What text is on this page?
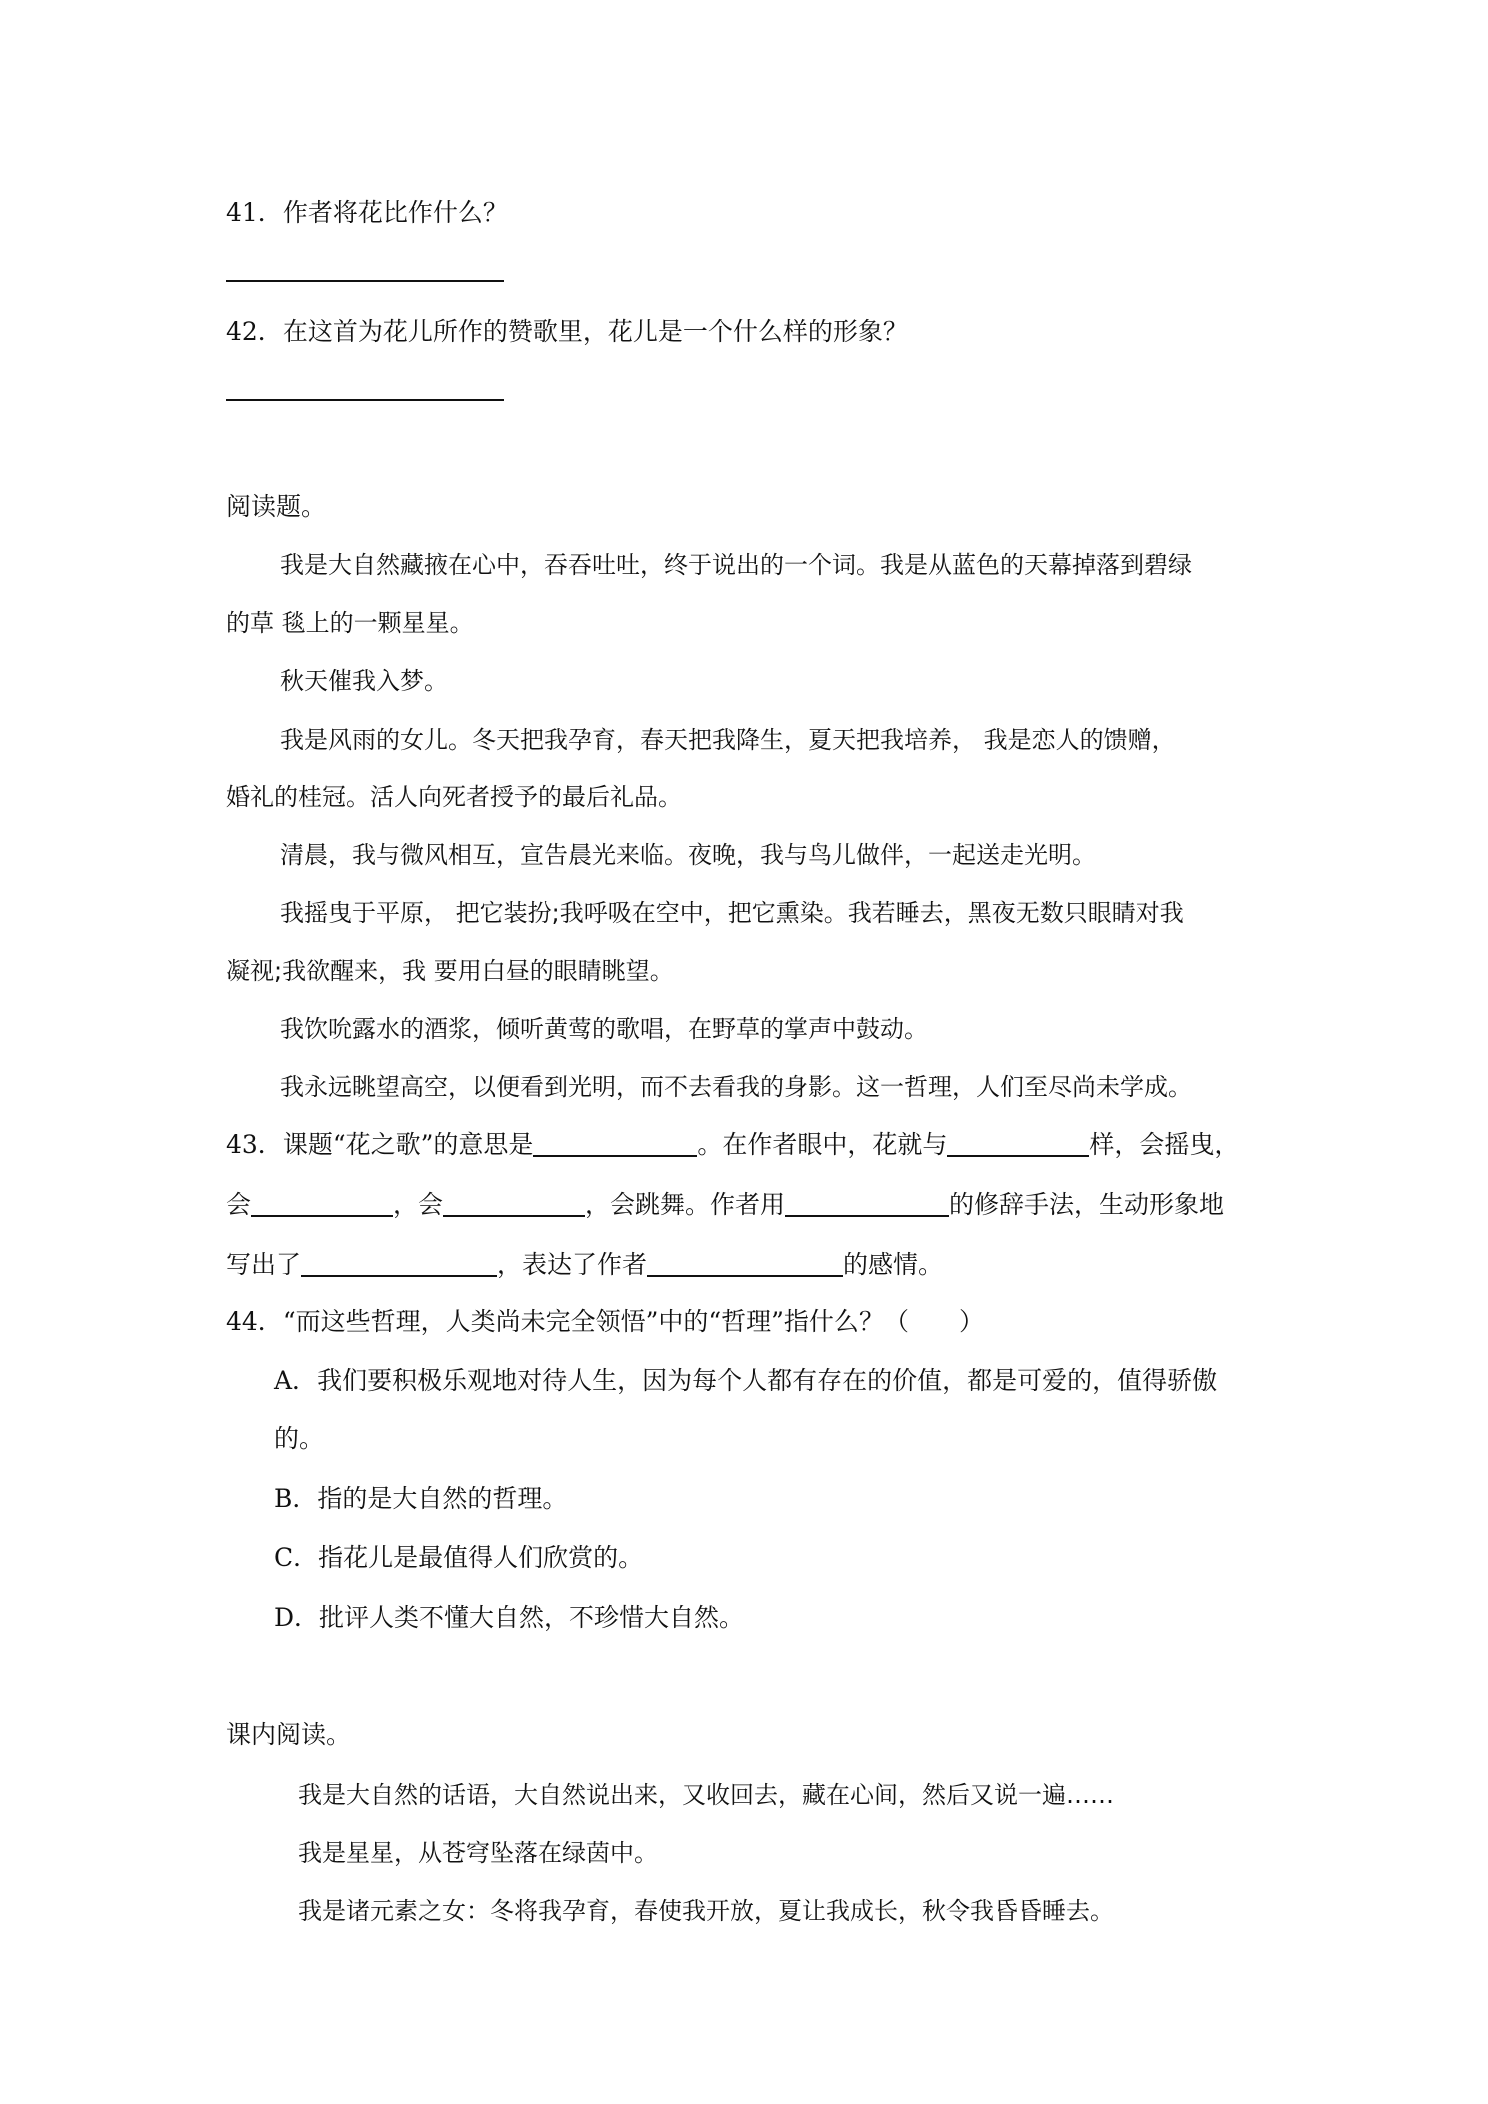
41．作者将花比作什么？
42．在这首为花儿所作的赞歌里，花儿是一个什么样的形象？
阅读题。
我是大自然藏掖在心中，吞吞吐吐，终于说出的一个词。我是从蓝色的天幕掉落到碧绿
的草 毯上的一颗星星。
秋天催我入梦。
我是风雨的女儿。冬天把我孕育，春天把我降生，夏天把我培养， 我是恋人的馈赠，
婚礼的桂冠。活人向死者授予的最后礼品。
清晨，我与微风相互，宣告晨光来临。夜晚，我与鸟儿做伴，一起送走光明。
我摇曳于平原， 把它装扮;我呼吸在空中，把它熏染。我若睡去，黑夜无数只眼睛对我
凝视;我欲醒来，我 要用白昼的眼睛眺望。
我饮吮露水的酒浆，倾听黄莺的歌唱，在野草的掌声中鼓动。
我永远眺望高空，以便看到光明，而不去看我的身影。这一哲理，人们至尽尚未学成。
43．课题“花之歌”的意思是	。在作者眼中，花就与	样，会摇曳，
会	，会	，会跳舞。作者用	的修辞手法，生动形象地
写出了	，表达了作者	的感情。
44．“而这些哲理，人类尚未完全领悟”中的“哲理”指什么？（　　）
A．我们要积极乐观地对待人生，因为每个人都有存在的价值，都是可爱的，值得骄傲
的。
B．指的是大自然的哲理。
C．指花儿是最值得人们欣赏的。
D．批评人类不懂大自然，不珍惜大自然。
课内阅读。
我是大自然的话语，大自然说出来，又收回去，藏在心间，然后又说一遍……
我是星星，从苍穹坠落在绿茵中。
我是诸元素之女：冬将我孕育，春使我开放，夏让我成长，秋令我昏昏睡去。
